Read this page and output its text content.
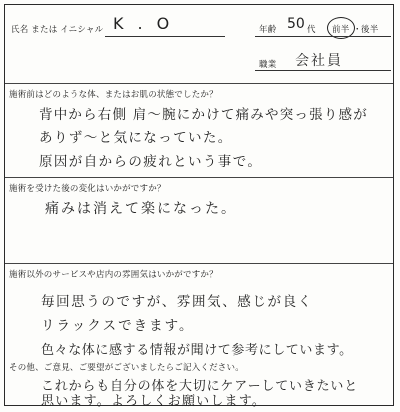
氏名 または イニシャル K.O	年齢 50 代 前半 ・ 後半
職業 会社員
施術前はどのような体、またはお肌の状態でしたか？
背中から右側 肩～腕にかけて痛みや突っ張り感が
ありず～と気になっていた。
原因が自からの疲れという事で。
施術を受けた後の変化はいかがですか？
痛みは消えて楽になった。
施術以外のサービスや店内の雰囲気はいかがですか？
毎回思うのですが、雰囲気、感じが良く
リラックスできます。
色々な体に感する情報が聞けて参考にしています。
その他、ご意見、ご要望がございましたらご記入ください。
これからも自分の体を大切にケアーしていきたいと
思います。よろしくお願いします。
